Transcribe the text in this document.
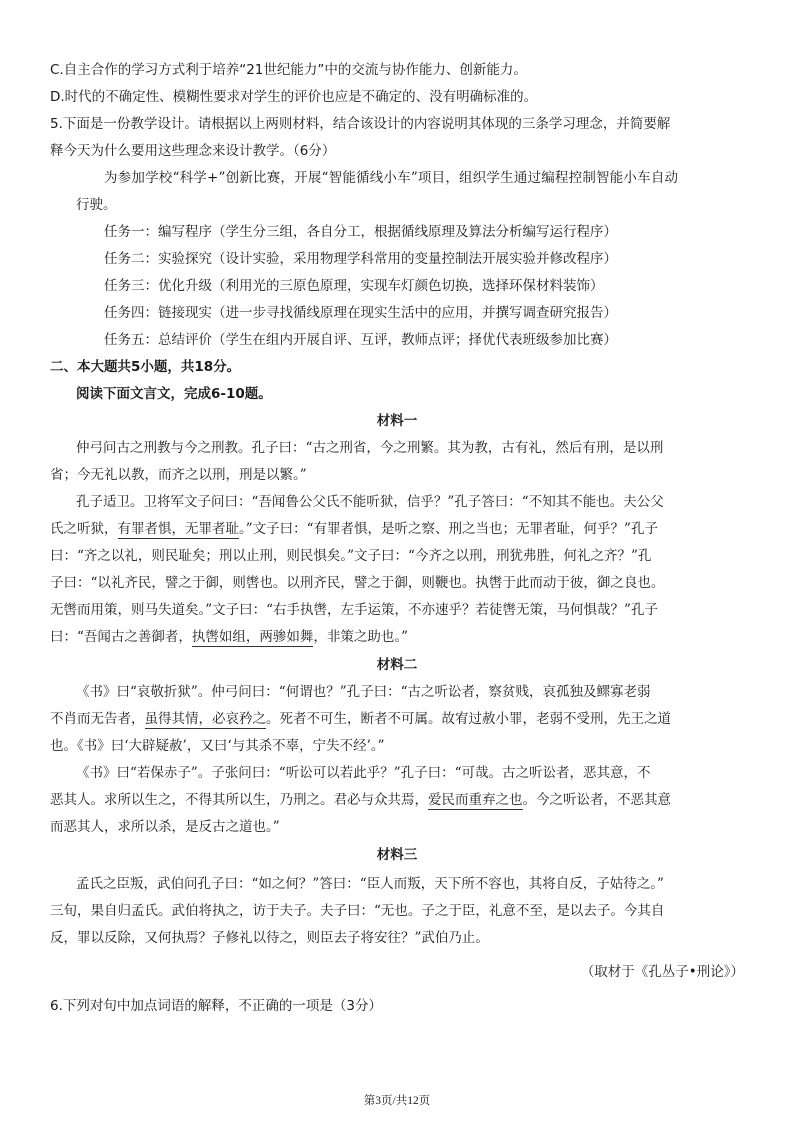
C.自主合作的学习方式利于培养“21世纪能力”中的交流与协作能力、创新能力。
D.时代的不确定性、模糊性要求对学生的评价也应是不确定的、没有明确标准的。
5.下面是一份教学设计。请根据以上两则材料，结合该设计的内容说明其体现的三条学习理念，并简要解
释今天为什么要用这些理念来设计教学。（6分）
为参加学校“科学+”创新比赛，开展“智能循线小车”项目，组织学生通过编程控制智能小车自动
行驶。
任务一：编写程序（学生分三组，各自分工，根据循线原理及算法分析编写运行程序）
任务二：实验探究（设计实验，采用物理学科常用的变量控制法开展实验并修改程序）
任务三：优化升级（利用光的三原色原理，实现车灯颜色切换，选择环保材料装饰）
任务四：链接现实（进一步寻找循线原理在现实生活中的应用，并撰写调查研究报告）
任务五：总结评价（学生在组内开展自评、互评，教师点评；择优代表班级参加比赛）
二、本大题共5小题，共18分。
阅读下面文言文，完成6-10题。
材料一
仲弓问古之刑教与今之刑教。孔子曰：“古之刑省，今之刑繁。其为教，古有礼，然后有刑，是以刑
省；今无礼以教，而齐之以刑，刑是以繁。”
孔子适卫。卫将军文子问曰：“吾闻鲁公父氏不能听狱，信乎？”孔子答曰：“不知其不能也。夫公父
氏之听狱，有罪者惧，无罪者耻。”文子曰：“有罪者惧，是听之察、刑之当也；无罪者耻，何乎？”孔子
曰：“齐之以礼，则民耻矣；刑以止刑，则民惧矣。”文子曰：“今齐之以刑，刑犹弗胜，何礼之齐？”孔
子曰：“以礼齐民，譬之于御，则辔也。以刑齐民，譬之于御，则鞭也。执辔于此而动于彼，御之良也。
无辔而用策，则马失道矣。”文子曰：“右手执辔，左手运策，不亦速乎？若徒辔无策，马何惧哉？”孔子
曰：“吾闻古之善御者，执辔如组，两骖如舞，非策之助也。”
材料二
《书》曰“哀敬折狱”。仲弓问曰：“何谓也？”孔子曰：“古之听讼者，察贫贱，哀孤独及鳏寡老弱
不肖而无告者，虽得其情，必哀矜之。死者不可生，断者不可属。故宥过赦小罪，老弱不受刑，先王之道
也。《书》曰‘大辟疑赦’，又曰‘与其杀不辜，宁失不经’。”
《书》曰“若保赤子”。子张问曰：“听讼可以若此乎？”孔子曰：“可哉。古之听讼者，恶其意，不
恶其人。求所以生之，不得其所以生，乃刑之。君必与众共焉，爱民而重弃之也。今之听讼者，不恶其意
而恶其人，求所以杀，是反古之道也。”
材料三
孟氏之臣叛，武伯问孔子曰：“如之何？”答曰：“臣人而叛，天下所不容也，其将自反，子姑待之。”
三旬，果自归孟氏。武伯将执之，访于夫子。夫子曰：“无也。子之于臣，礼意不至，是以去子。今其自
反，罪以反除，又何执焉？子修礼以待之，则臣去子将安往？”武伯乃止。
（取材于《孔丛子•刑论》）
6.下列对句中加点词语的解释，不正确的一项是（3分）
第3页/共12页
